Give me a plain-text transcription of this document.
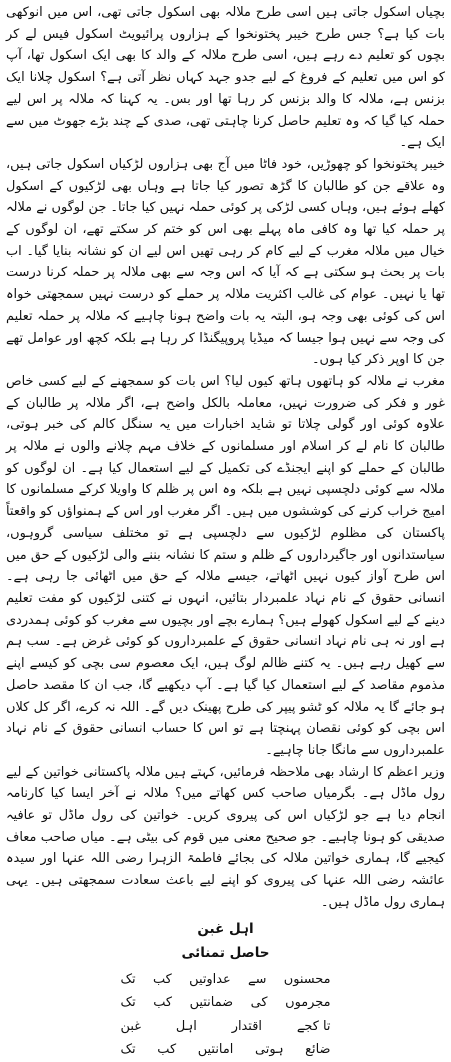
بچیاں اسکول جاتی ہیں اسی طرح ملالہ بھی اسکول جاتی تھی، اس میں انوکھی بات کیا ہے؟ جس طرح خیبر پختونخوا کے ہزاروں پرائیویٹ اسکول فیس لے کر بچوں کو تعلیم دے رہے ہیں، اسی طرح ملالہ کے والد کا بھی ایک اسکول تھا، آپ کو اس میں تعلیم کے فروغ کے لیے جدو جہد کہاں نظر آتی ہے؟ اسکول چلانا ایک بزنس ہے، ملالہ کا والد بزنس کر رہا تھا اور بس۔ یہ کہنا کہ ملالہ پر اس لیے حملہ کیا گیا کہ وہ تعلیم حاصل کرنا چاہتی تھی، صدی کے چند بڑے جھوٹ میں سے ایک ہے۔

خیبر پختونخوا کو چھوڑیں، خود فاٹا میں آج بھی ہزاروں لڑکیاں اسکول جاتی ہیں، وہ علاقے جن کو طالبان کا گڑھ تصور کیا جاتا ہے وہاں بھی لڑکیوں کے اسکول کھلے ہوئے ہیں، وہاں کسی لڑکی پر کوئی حملہ نہیں کیا جاتا۔ جن لوگوں نے ملالہ پر حملہ کیا تھا وہ کافی ماہ پہلے بھی اس کو ختم کر سکتے تھے، ان لوگوں کے خیال میں ملالہ مغرب کے لیے کام کر رہی تھیں اس لیے ان کو نشانہ بنایا گیا۔ اب بات پر بحث ہو سکتی ہے کہ آیا کہ اس وجہ سے بھی ملالہ پر حملہ کرنا درست تھا یا نہیں۔ عوام کی غالب اکثریت ملالہ پر حملے کو درست نہیں سمجھتی خواہ اس کی کوئی بھی وجہ ہو، البتہ یہ بات واضح ہونا چاہیے کہ ملالہ پر حملہ تعلیم کی وجہ سے نہیں ہوا جیسا کہ میڈیا پروپیگنڈا کر رہا ہے بلکہ کچھ اور عوامل تھے جن کا اوپر ذکر کیا ہوں۔

مغرب نے ملالہ کو ہاتھوں ہاتھ کیوں لیا؟ اس بات کو سمجھنے کے لیے کسی خاص غور و فکر کی ضرورت نہیں، معاملہ بالکل واضح ہے، اگر ملالہ پر طالبان کے علاوہ کوئی اور گولی چلاتا تو شاید اخبارات میں یہ سنگل کالم کی خبر ہوتی، طالبان کا نام لے کر اسلام اور مسلمانوں کے خلاف مہم چلانے والوں نے ملالہ پر طالبان کے حملے کو اپنے ایجنڈے کی تکمیل کے لیے استعمال کیا ہے۔ ان لوگوں کو ملالہ سے کوئی دلچسپی نہیں ہے بلکہ وہ اس پر ظلم کا واویلا کرکے مسلمانوں کا امیج خراب کرنے کی کوششوں میں ہیں۔ اگر مغرب اور اس کے ہمنواؤں کو واقعتاً پاکستان کی مظلوم لڑکیوں سے دلچسپی ہے تو مختلف سیاسی گروہوں، سیاستدانوں اور جاگیرداروں کے ظلم و ستم کا نشانہ بننے والی لڑکیوں کے حق میں اس طرح آواز کیوں نہیں اٹھاتے، جیسے ملالہ کے حق میں اٹھائی جا رہی ہے۔ انسانی حقوق کے نام نہاد علمبردار بتائیں، انہوں نے کتنی لڑکیوں کو مفت تعلیم دینے کے لیے اسکول کھولے ہیں؟ ہمارے بچے اور بچیوں سے مغرب کو کوئی ہمدردی ہے اور نہ ہی نام نہاد انسانی حقوق کے علمبرداروں کو کوئی غرض ہے۔ سب ہم سے کھیل رہے ہیں۔ یہ کتنے ظالم لوگ ہیں، ایک معصوم سی بچی کو کیسے اپنے مذموم مقاصد کے لیے استعمال کیا گیا ہے۔ آپ دیکھیے گا، جب ان کا مقصد حاصل ہو جائے گا یہ ملالہ کو ٹشو پیپر کی طرح پھینک دیں گے۔ اللہ نہ کرے، اگر کل کلاں اس بچی کو کوئی نقصان پہنچتا ہے تو اس کا حساب انسانی حقوق کے نام نہاد علمبرداروں سے مانگا جانا چاہیے۔

وزیر اعظم کا ارشاد بھی ملاحظہ فرمائیں، کہتے ہیں ملالہ پاکستانی خواتین کے لیے رول ماڈل ہے۔ بگرمیاں صاحب کس کھاتے میں؟ ملالہ نے آخر ایسا کیا کارنامہ انجام دیا ہے جو لڑکیاں اس کی پیروی کریں۔ خواتین کی رول ماڈل تو عافیہ صدیقی کو ہونا چاہیے۔ جو صحیح معنی میں قوم کی بیٹی ہے۔ میاں صاحب معاف کیجیے گا، ہماری خواتین ملالہ کی بجائے فاطمۃ الزہرا رضی اللہ عنہا اور سیدہ عائشہ رضی اللہ عنہا کی پیروی کو اپنے لیے باعث سعادت سمجھتی ہیں۔ یہی ہماری رول ماڈل ہیں۔

اہل غبن
حاصل تمنائی
محسنوں
سے
عداوتیں
کب
تک
مجرموں
کی
ضمانتیں
کب
تک
تا کجے
اقتدار
اہل
غبن
ضائع
ہوتی
امانتیں
کب
تک
